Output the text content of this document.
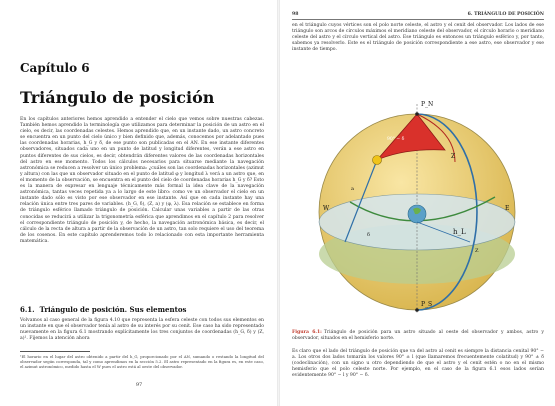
Capítulo 6
Triángulo de posición
En los capítulos anteriores hemos aprendido a entender el cielo que vemos sobre nuestras cabezas. También hemos aprendido la terminología que utilizamos para determinar la posición de un astro en el cielo, es decir, las coordenadas celestes. Hemos aprendido que, en un instante dado, un astro concreto se encuentra en un punto del cielo único y bien definido que, además, conocemos por adelantado pues las coordenadas horarias, h_G y δ, de ese punto son publicadas en el AN. En ese instante diferentes observadores, situados cada uno en un punto de latitud y longitud diferentes, verán a ese astro en puntos diferentes de sus cielos, es decir, obtendrán diferentes valores de las coordenadas horizontales del astro en ese momento. Todos los cálculos necesarios para situarse mediante la navegación astronómica se reducen a resolver un único problema: ¿cuáles son las coordenadas horizontales (azimut y altura) con las que un observador situado en el punto de latitud φ y longitud λ verá a un astro que, en el momento de la observación, se encuentra en el punto del cielo de coordenadas horarias h_G y δ? Esto es la manera de expresar en lenguaje técnicamente más formal la idea clave de la navegación astronómica, tantas veces repetida ya a lo largo de este libro: como ve un observador el cielo en un instante dado sólo es visto por ese observador en ese instante. Así que en cada instante hay una relación única entre tres pares de variables. (h_G, δ), (Z, a) y (φ, λ). Esa relación se establece en forma de triángulo esférico llamado triángulo de posición. Calcular unas variables a partir de las otras conocidas se reducirá a utilizar la trigonometría esférica que aprendimos en el capítulo 2 para resolver el correspondiente triángulo de posición y, de hecho, la navegación astronómica básica, es decir, el cálculo de la recta de altura a partir de la observación de un astro, tan solo requiere el uso del teorema de los cosenos. En este capítulo aprenderemos todo lo relacionado con esta importante herramienta matemática.
6.1. Triángulo de posición. Sus elementos
Volvamos al caso general de la figura 4.10 que representa la esfera celeste con todos sus elementos en un instante en que el observador tenía al astro de su interés por su cenit. Ese caso ha sido representado nuevamente en la figura 6.1 mostrando explícitamente los tres conjuntos de coordenadas (h_G, δ) y (Z, a)¹. Fijemos la atención ahora
¹El horario en el lugar del astro obtenido a partir del h_G, proporcionado por el AN, sumando o restando la longitud del observador según corresponda, tal y como aprendimos en la sección 5.2. El astro representado en la figura es, en este caso, el azimut astronómico, medido hasta el W pues el astro está al oeste del observador.
97
98	6. TRIÁNGULO DE POSICIÓN
en el triángulo cuyos vértices son el polo norte celeste, el astro y el cenit del observador. Los lados de ese triángulo son arcos de círculos máximos el meridiano celeste del observador, el círculo horario o meridiano celeste del astro y el círculo vertical del astro. Ese triángulo es entonces un triángulo esférico y, por tanto, sabemos ya resolverlo. Este es el triángulo de posición correspondiente a ese astro, ese observador y ese instante de tiempo.
P_N
P_S
Z
90° − δ
h_L
W	E
δ
a
Z
Figura 6.1: Triángulo de posición para un astro situado al oeste del observador y ambos, astro y observador, situados en el hemisferio norte.
Es claro que el lado del triángulo de posición que va del astro al cenit es siempre la distancia cenital 90° − a. Los otros dos lados tomarán los valores 90° ± l (que llamaremos frecuentemente colatitud) y 90° ± δ (codeclinación), con un signo u otro dependiendo de que el astro y el cenit estén o no en el mismo hemisferio que el polo celeste norte. Por ejemplo, en el caso de la figura 6.1 esos lados serían evidentemente 90° − l y 90° − δ.
